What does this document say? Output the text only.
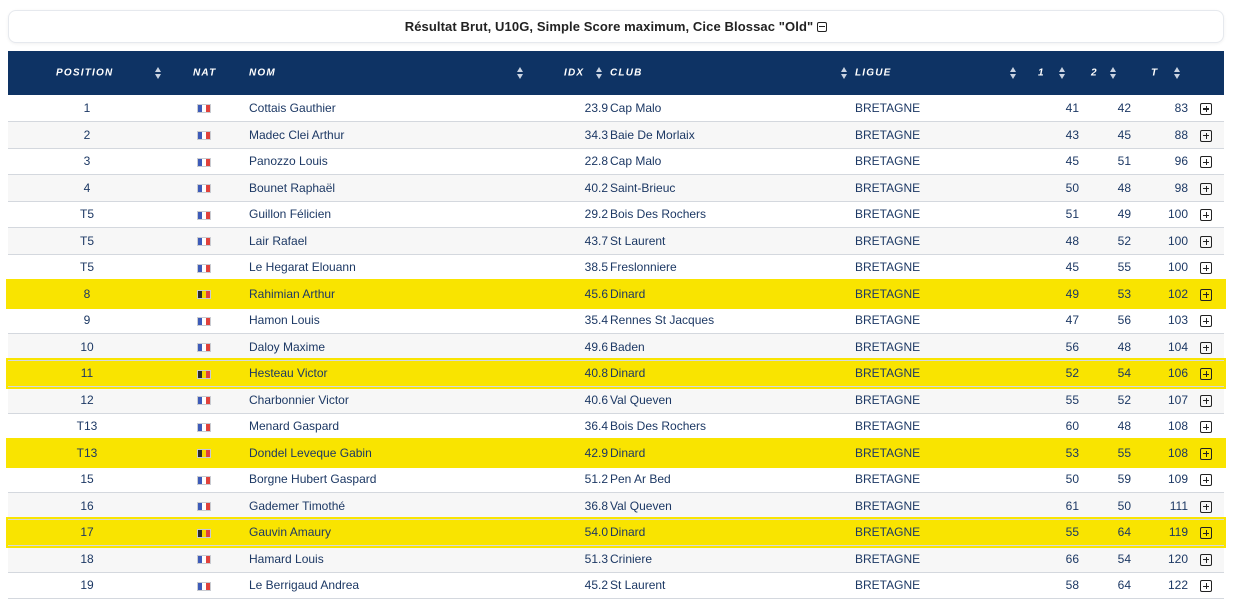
Résultat Brut, U10G, Simple Score maximum, Cice Blossac "Old"
POSITION	NAT	NOM	IDX	CLUB	LIGUE	1	2	T	

1		Cottais Gauthier	23.9	Cap Malo	BRETAGNE	41	42	83	
2		Madec Clei Arthur	34.3	Baie De Morlaix	BRETAGNE	43	45	88	
3		Panozzo Louis	22.8	Cap Malo	BRETAGNE	45	51	96	
4		Bounet Raphaël	40.2	Saint-Brieuc	BRETAGNE	50	48	98	
T5		Guillon Félicien	29.2	Bois Des Rochers	BRETAGNE	51	49	100	
T5		Lair Rafael	43.7	St Laurent	BRETAGNE	48	52	100	
T5		Le Hegarat Elouann	38.5	Freslonniere	BRETAGNE	45	55	100	
8		Rahimian Arthur	45.6	Dinard	BRETAGNE	49	53	102	
9		Hamon Louis	35.4	Rennes St Jacques	BRETAGNE	47	56	103	
10		Daloy Maxime	49.6	Baden	BRETAGNE	56	48	104	
11		Hesteau Victor	40.8	Dinard	BRETAGNE	52	54	106	
12		Charbonnier Victor	40.6	Val Queven	BRETAGNE	55	52	107	
T13		Menard Gaspard	36.4	Bois Des Rochers	BRETAGNE	60	48	108	
T13		Dondel Leveque Gabin	42.9	Dinard	BRETAGNE	53	55	108	
15		Borgne Hubert Gaspard	51.2	Pen Ar Bed	BRETAGNE	50	59	109	
16		Gademer Timothé	36.8	Val Queven	BRETAGNE	61	50	111	
17		Gauvin Amaury	54.0	Dinard	BRETAGNE	55	64	119	
18		Hamard Louis	51.3	Criniere	BRETAGNE	66	54	120	
19		Le Berrigaud Andrea	45.2	St Laurent	BRETAGNE	58	64	122	
